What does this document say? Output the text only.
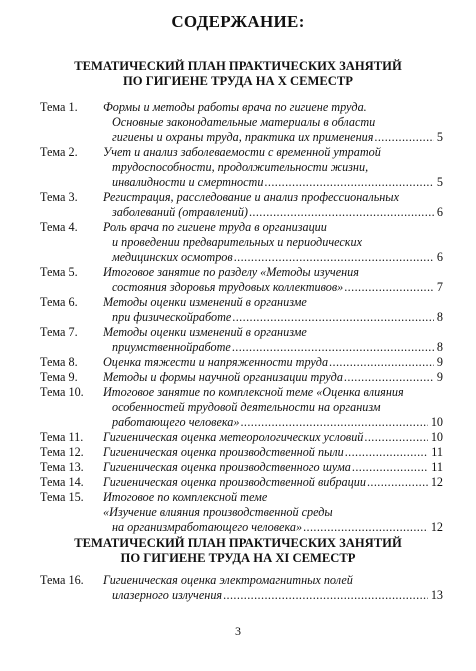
СОДЕРЖАНИЕ:
ТЕМАТИЧЕСКИЙ ПЛАН ПРАКТИЧЕСКИХ ЗАНЯТИЙ
ПО ГИГИЕНЕ ТРУДА НА X СЕМЕСТР
Тема 1. Формы и методы работы врача по гигиене труда.
Основные законодательные материалы в области
гигиены и охраны труда, практика их применения .....	5
Тема 2. Учет и анализ заболеваемости с временной утратой
трудоспособности, продолжительности жизни,
инвалидности и смертности .....	5
Тема 3. Регистрация, расследование и анализ профессиональных
заболеваний (отравлений) .....	6
Тема 4. Роль врача по гигиене труда в организации
и проведении предварительных и периодических
медицинских осмотров .....	6
Тема 5. Итоговое занятие по разделу «Методы изучения
состояния здоровья трудовых коллективов» .....	7
Тема 6. Методы оценки изменений в организме
при физическойработе .....	8
Тема 7. Методы оценки изменений в организме
приумственнойработе .....	8
Тема 8. Оценка тяжести и напряженности труда .....	9
Тема 9. Методы и формы научной организации труда .....	9
Тема 10. Итоговое занятие по комплексной теме «Оценка влияния
особенностей трудовой деятельности на организм
работающего человека» .....	10
Тема 11. Гигиеническая оценка метеорологических условий .....	10
Тема 12. Гигиеническая оценка производственной пыли .....	11
Тема 13. Гигиеническая оценка производственного шума .....	11
Тема 14. Гигиеническая оценка производственной вибрации .....	12
Тема 15. Итоговое по комплексной теме
«Изучение влияния производственной среды
на организмработающего человека» .....	12
ТЕМАТИЧЕСКИЙ ПЛАН ПРАКТИЧЕСКИХ ЗАНЯТИЙ
ПО ГИГИЕНЕ ТРУДА НА XI СЕМЕСТР
Тема 16. Гигиеническая оценка электромагнитных полей
илазерного излучения .....	13
3
